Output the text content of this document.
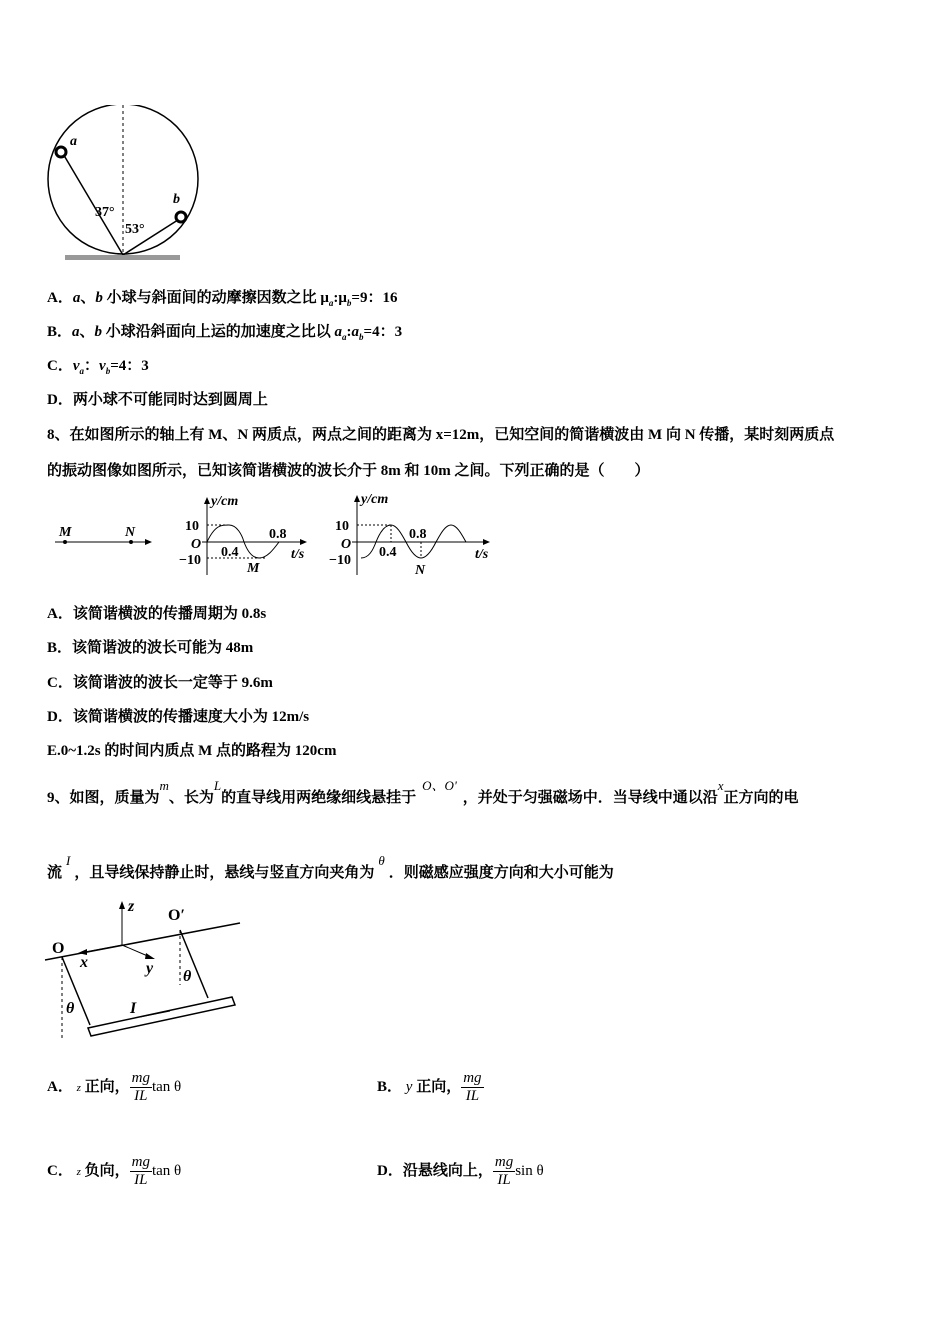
a
b
37°
53°
A．a、b 小球与斜面间的动摩擦因数之比 $\mu_a:\mu_b=9$：16
B．a、b 小球沿斜面向上运的加速度之比以 $a_a:a_b=4$：3
C．$v_a$：$v_b=4$：3
D．两小球不可能同时达到圆周上
8、在如图所示的轴上有 M、N 两质点，两点之间的距离为 x=12m，已知空间的简谐横波由 M 向 N 传播，某时刻两质点
的振动图像如图所示，已知该简谐横波的波长介于 8m 和 10m 之间。下列正确的是（　　）
M	N
y/cm
10
O
−10
0.4
0.8
t/s
M
y/cm
10
O
−10
0.4
0.8
t/s
N
A．该简谐横波的传播周期为 0.8s
B．该简谐波的波长可能为 48m
C．该简谐波的波长一定等于 9.6m
D．该简谐横波的传播速度大小为 12m/s
E.0~1.2s 的时间内质点 M 点的路程为 120cm
9、如图，质量为m、长为L的直导线用两绝缘细线悬挂于O、O'，并处于匀强磁场中．当导线中通以沿x正方向的电
流I，且导线保持静止时，悬线与竖直方向夹角为θ．则磁感应强度方向和大小可能为
O
O′
z
x	y
I
θ
θ
A． z 正向， $\frac{mg}{IL}$ tan θ	B． y 正向， $\frac{mg}{IL}$
C． z 负向， $\frac{mg}{IL}$ tan θ	D．沿悬线向上， $\frac{mg}{IL}$ sin θ
